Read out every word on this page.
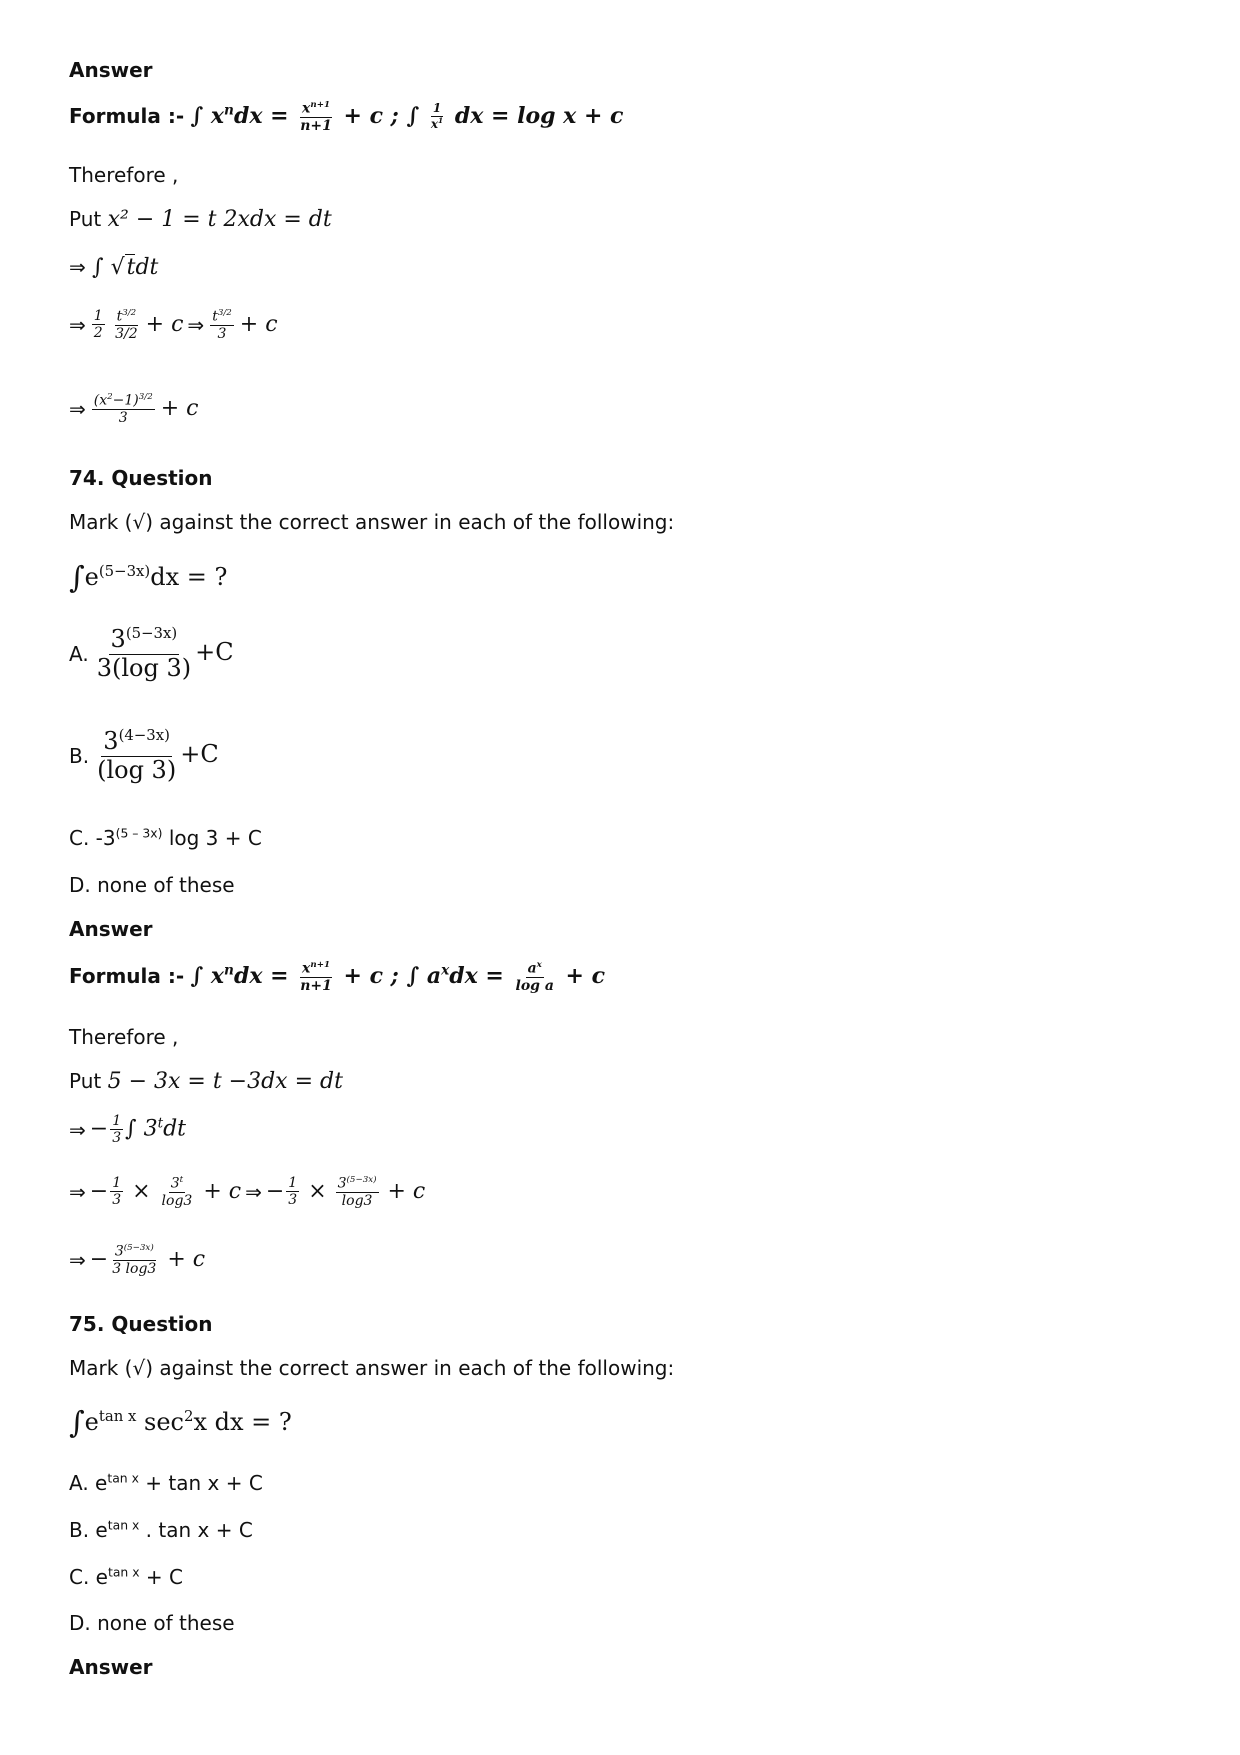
Answer
Formula :- ∫ $x^ndx = \frac{x^{n+1}}{n+1} + c$ ; ∫ $\frac{1}{x^1}$ dx = log x + c
Therefore ,
Put x² − 1 = t 2xdx = dt
⇒ ∫ √tdt
⇒ $\frac{1}{2}$
$\frac{t^{3/2}}{3/2} + c$ ⇒ $\frac{t^{3/2}}{3} + c$
⇒ $\frac{(x^2-1)^{3/2}}{3} + c$
74. Question
Mark (√) against the correct answer in each of the following:
$\int e^{(5-3x)}dx$ = ?
A. $\frac{3^{(5-3x)}}{3(\log 3)} +C$
B. $\frac{3^{(4-3x)}}{(\log 3)} +C$
C. $-3^{(5 - 3x)}$ log 3 + C
D. none of these
Answer
Formula :- ∫ $x^ndx = \frac{x^{n+1}}{n+1} + c$ ; ∫ $a^xdx = \frac{a^x}{\text{log a}} + c$
Therefore ,
Put 5 − 3x = t −3dx = dt
⇒ − $\frac{1}{3}$ ∫ 3$^t$dt
⇒ − $\frac{1}{3} \times \frac{3^t}{\log 3} + c$ ⇒ − $\frac{1}{3} \times \frac{3^{(5-3x)}}{\log 3} + c$
⇒ − $\frac{3^{(5-3x)}}{3 \log 3} + c$
75. Question
Mark (√) against the correct answer in each of the following:
$\int e^{tan x}$ $\sec^2x$ dx = ?
A. $e^{tan x} + \tan x + C$
B. $e^{tan x}$ . tan x + C
C. $e^{tan x} + C$
D. none of these
Answer
